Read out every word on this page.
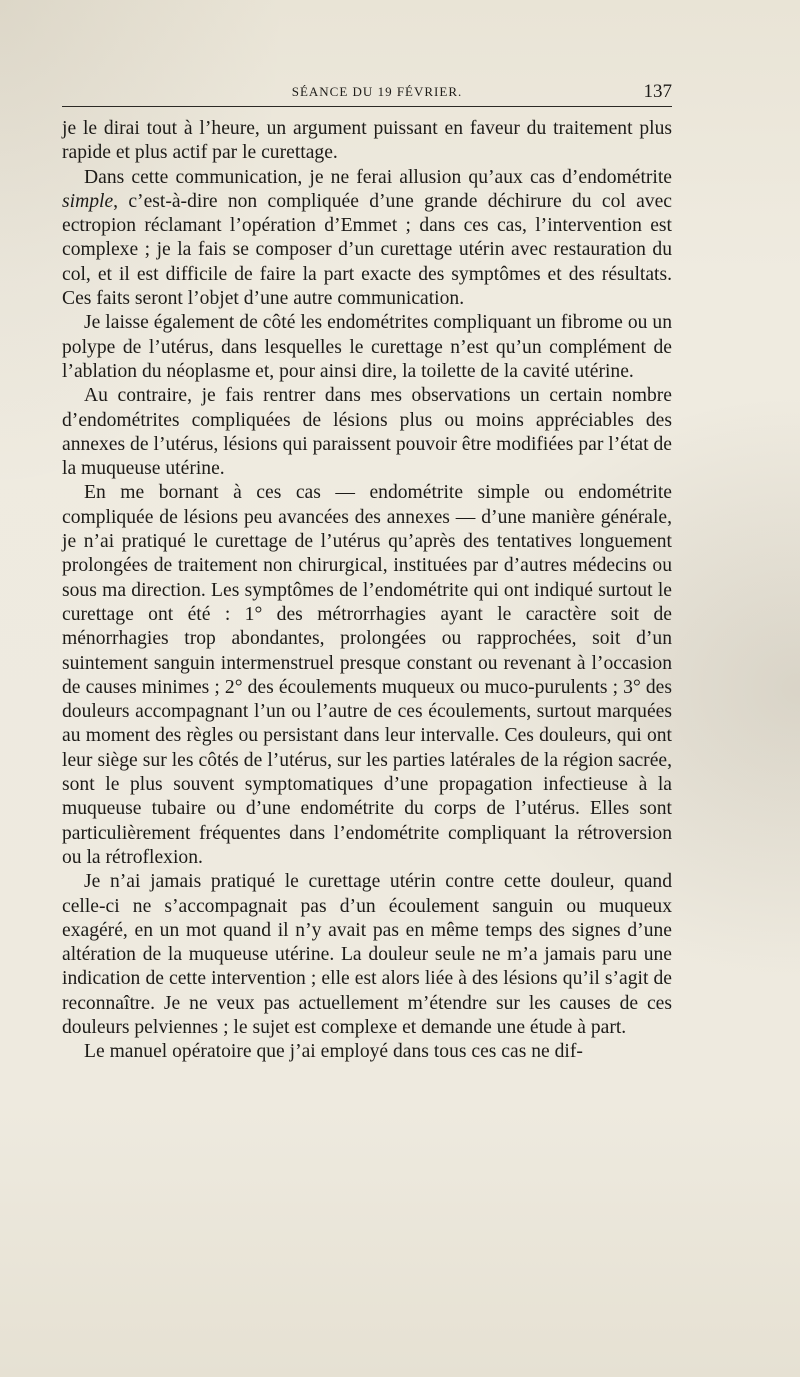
SÉANCE DU 19 FÉVRIER.	137

je le dirai tout à l’heure, un argument puissant en faveur du traitement plus rapide et plus actif par le curettage.

Dans cette communication, je ne ferai allusion qu’aux cas d’endométrite simple, c’est-à-dire non compliquée d’une grande déchirure du col avec ectropion réclamant l’opération d’Emmet ; dans ces cas, l’intervention est complexe ; je la fais se composer d’un curettage utérin avec restauration du col, et il est difficile de faire la part exacte des symptômes et des résultats. Ces faits seront l’objet d’une autre communication.

Je laisse également de côté les endométrites compliquant un fibrome ou un polype de l’utérus, dans lesquelles le curettage n’est qu’un complément de l’ablation du néoplasme et, pour ainsi dire, la toilette de la cavité utérine.

Au contraire, je fais rentrer dans mes observations un certain nombre d’endométrites compliquées de lésions plus ou moins appréciables des annexes de l’utérus, lésions qui paraissent pouvoir être modifiées par l’état de la muqueuse utérine.

En me bornant à ces cas — endométrite simple ou endométrite compliquée de lésions peu avancées des annexes — d’une manière générale, je n’ai pratiqué le curettage de l’utérus qu’après des tentatives longuement prolongées de traitement non chirurgical, instituées par d’autres médecins ou sous ma direction. Les symptômes de l’endométrite qui ont indiqué surtout le curettage ont été : 1° des métrorrhagies ayant le caractère soit de ménorrhagies trop abondantes, prolongées ou rapprochées, soit d’un suintement sanguin intermenstruel presque constant ou revenant à l’occasion de causes minimes ; 2° des écoulements muqueux ou muco-purulents ; 3° des douleurs accompagnant l’un ou l’autre de ces écoulements, surtout marquées au moment des règles ou persistant dans leur intervalle. Ces douleurs, qui ont leur siège sur les côtés de l’utérus, sur les parties latérales de la région sacrée, sont le plus souvent symptomatiques d’une propagation infectieuse à la muqueuse tubaire ou d’une endométrite du corps de l’utérus. Elles sont particulièrement fréquentes dans l’endométrite compliquant la rétroversion ou la rétroflexion.

Je n’ai jamais pratiqué le curettage utérin contre cette douleur, quand celle-ci ne s’accompagnait pas d’un écoulement sanguin ou muqueux exagéré, en un mot quand il n’y avait pas en même temps des signes d’une altération de la muqueuse utérine. La douleur seule ne m’a jamais paru une indication de cette intervention ; elle est alors liée à des lésions qu’il s’agit de reconnaître. Je ne veux pas actuellement m’étendre sur les causes de ces douleurs pelviennes ; le sujet est complexe et demande une étude à part.

Le manuel opératoire que j’ai employé dans tous ces cas ne dif-
